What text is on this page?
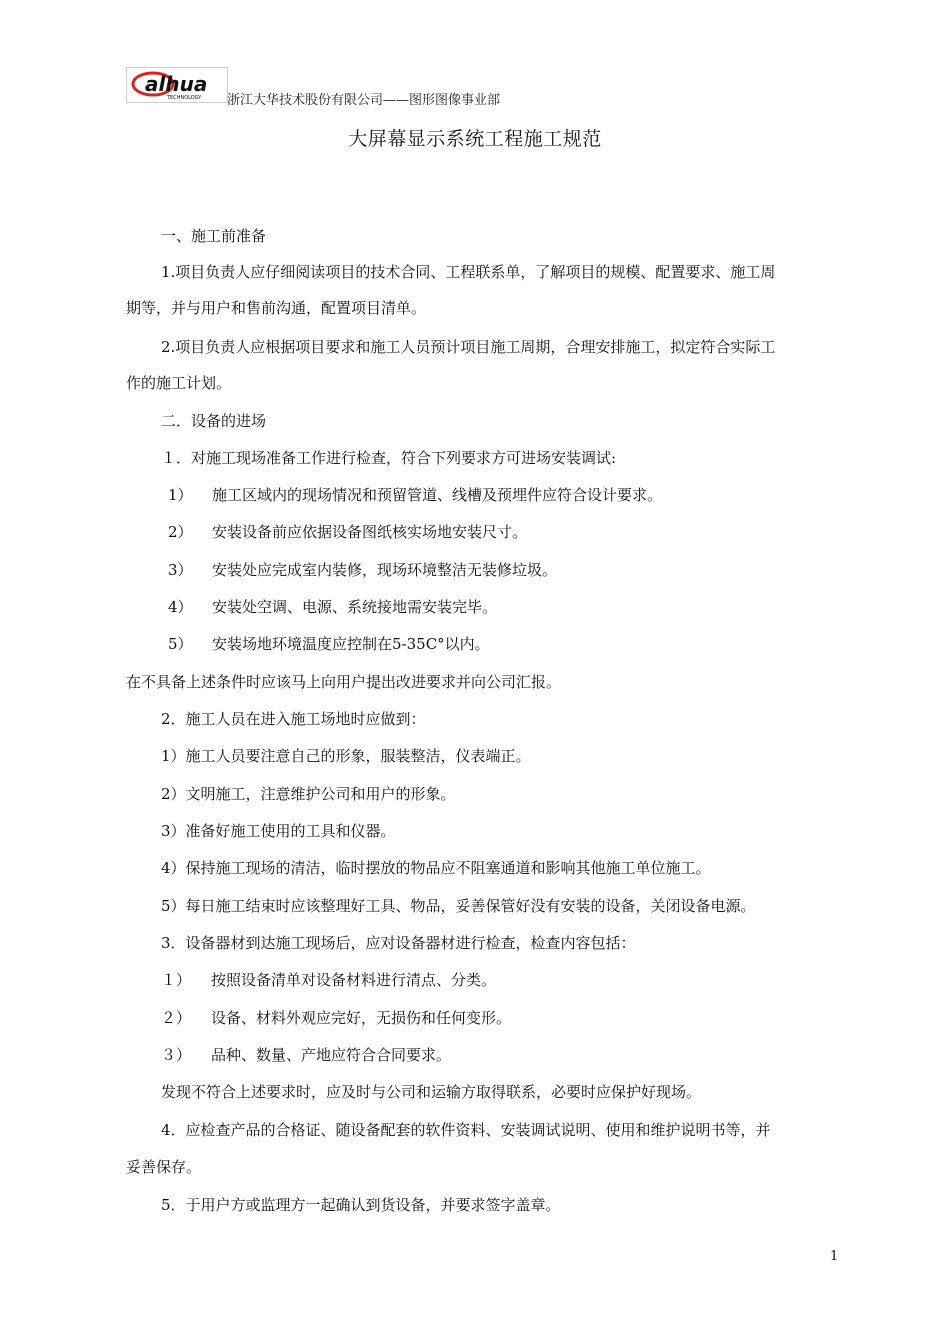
alhua
TECHNOLOGY 浙江大华技术股份有限公司——图形图像事业部
大屏幕显示系统工程施工规范
一、施工前准备
1.项目负责人应仔细阅读项目的技术合同、工程联系单，了解项目的规模、配置要求、施工周
期等，并与用户和售前沟通，配置项目清单。
2.项目负责人应根据项目要求和施工人员预计项目施工周期，合理安排施工，拟定符合实际工
作的施工计划。
二．设备的进场
１．对施工现场准备工作进行检查，符合下列要求方可进场安装调试:
1） 施工区域内的现场情况和预留管道、线槽及预埋件应符合设计要求。
2） 安装设备前应依据设备图纸核实场地安装尺寸。
3） 安装处应完成室内装修，现场环境整洁无装修垃圾。
4） 安装处空调、电源、系统接地需安装完毕。
5） 安装场地环境温度应控制在5-35C°以内。
在不具备上述条件时应该马上向用户提出改进要求并向公司汇报。
2．施工人员在进入施工场地时应做到：
1）施工人员要注意自己的形象，服装整洁，仪表端正。
2）文明施工，注意维护公司和用户的形象。
3）准备好施工使用的工具和仪器。
4）保持施工现场的清洁，临时摆放的物品应不阻塞通道和影响其他施工单位施工。
5）每日施工结束时应该整理好工具、物品，妥善保管好没有安装的设备，关闭设备电源。
3．设备器材到达施工现场后，应对设备器材进行检查，检查内容包括：
１） 按照设备清单对设备材料进行清点、分类。
２） 设备、材料外观应完好，无损伤和任何变形。
３） 品种、数量、产地应符合合同要求。
发现不符合上述要求时，应及时与公司和运输方取得联系，必要时应保护好现场。
4．应检查产品的合格证、随设备配套的软件资料、安装调试说明、使用和维护说明书等，并
妥善保存。
5．于用户方或监理方一起确认到货设备，并要求签字盖章。
1
